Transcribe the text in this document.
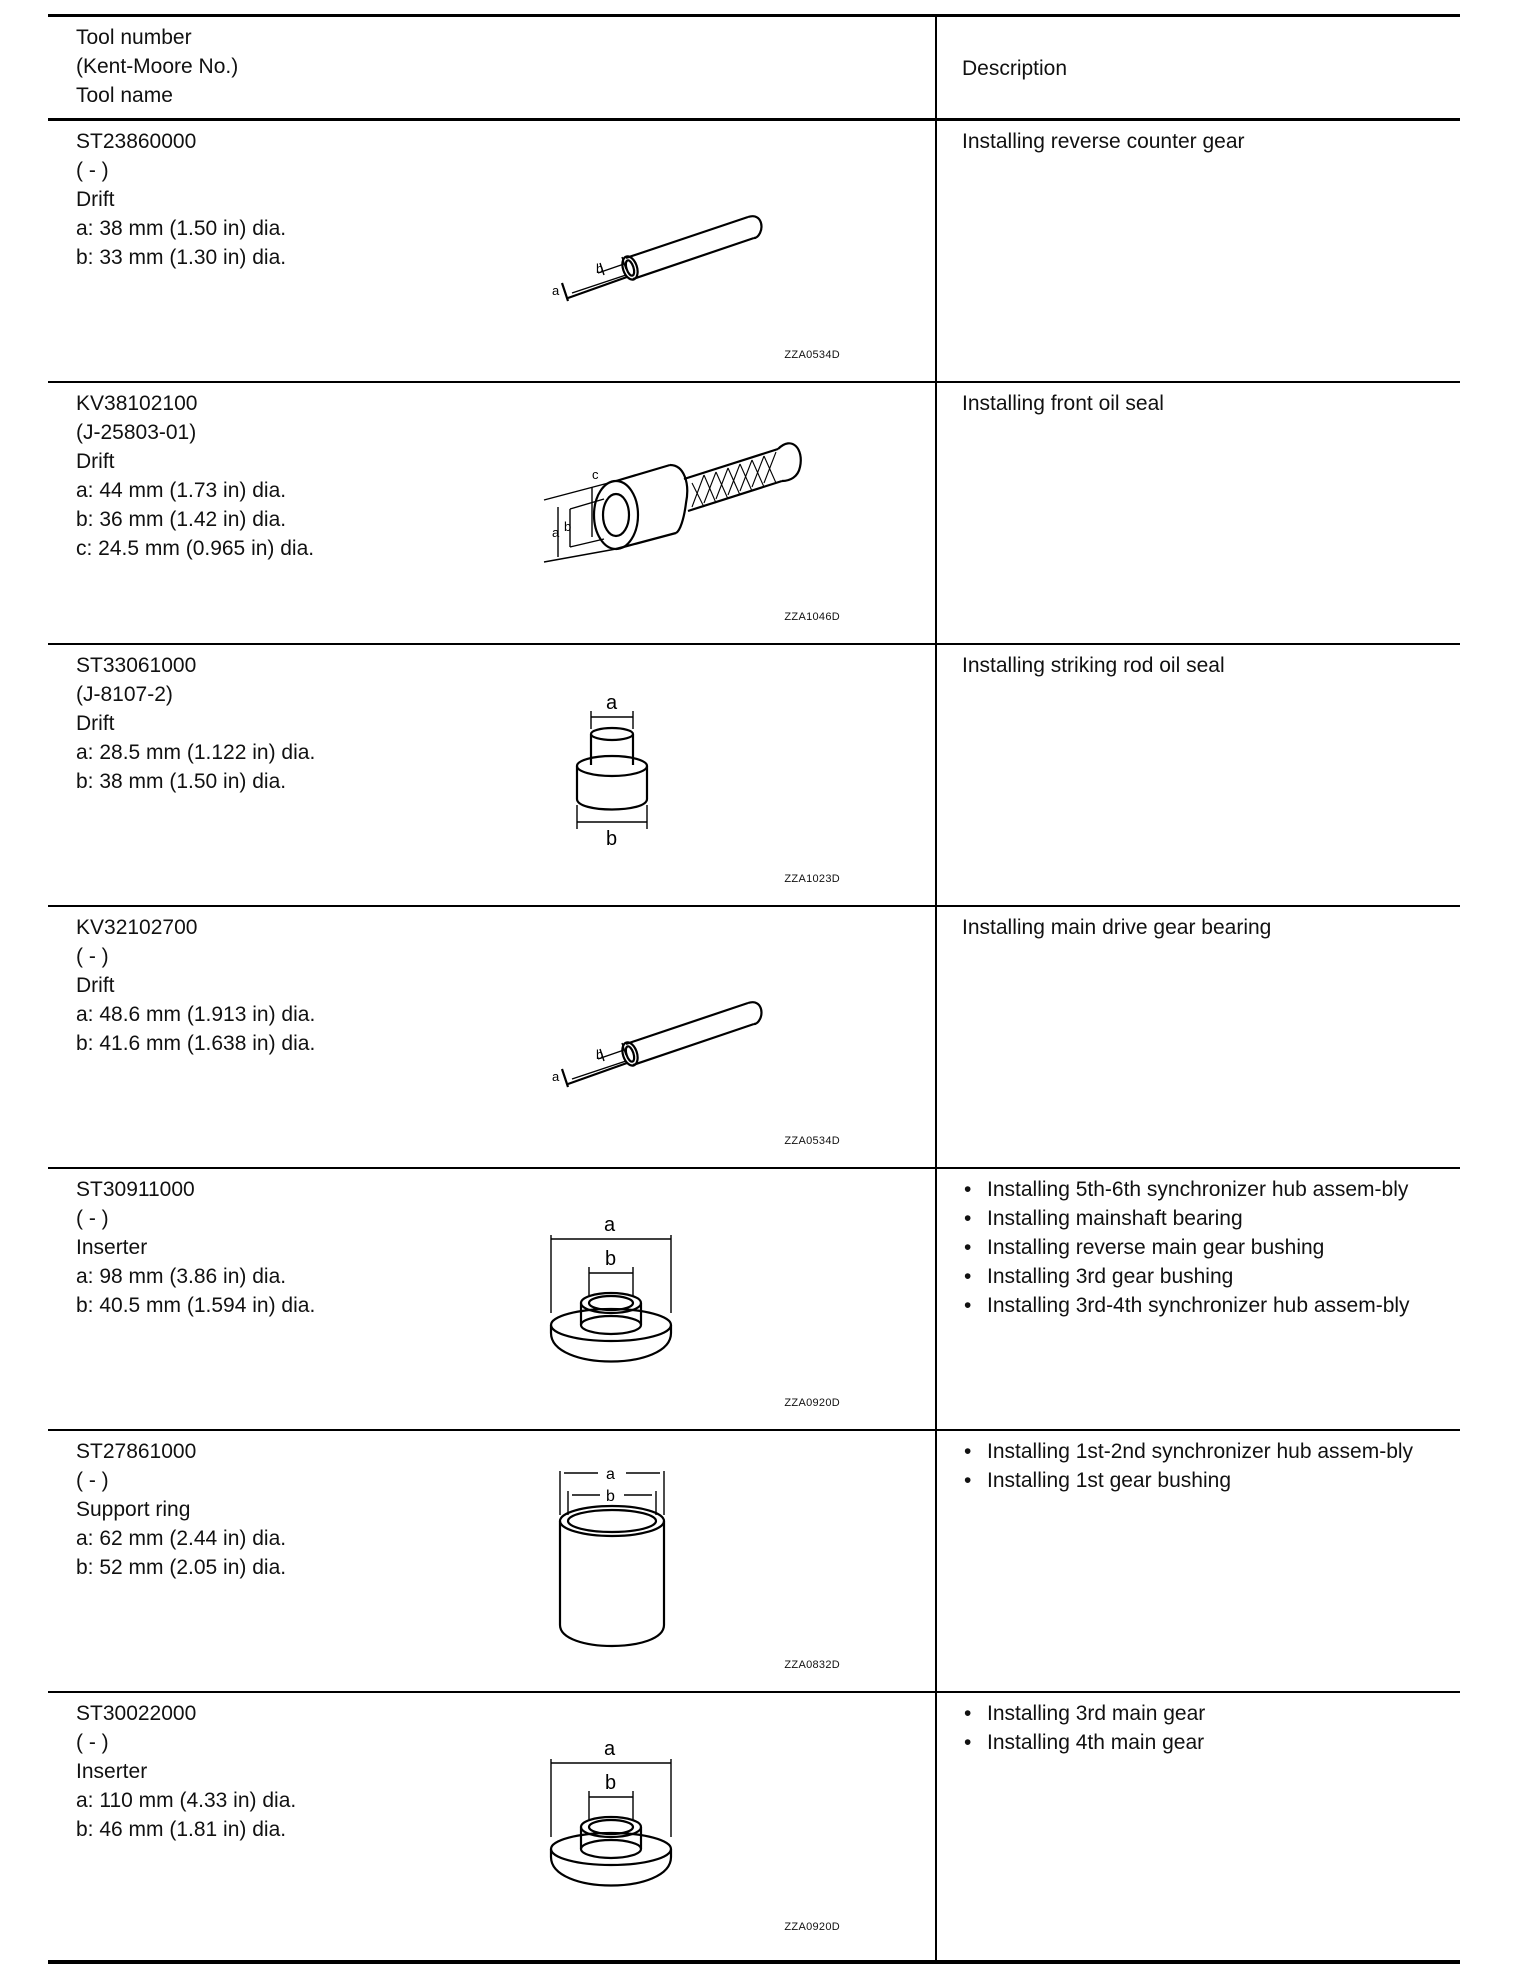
Tool number
(Kent-Moore No.)
Tool name
Description
ST23860000
( - )
Drift
a: 38 mm (1.50 in) dia.
b: 33 mm (1.30 in) dia.	b
a
ZZA0534D
Installing reverse counter gear
KV38102100
(J-25803-01)
Drift
a: 44 mm (1.73 in) dia.
b: 36 mm (1.42 in) dia.
c: 24.5 mm (0.965 in) dia.
a b
c
ZZA1046D
Installing front oil seal
ST33061000
(J-8107-2)
Drift
a: 28.5 mm (1.122 in) dia.
b: 38 mm (1.50 in) dia.
a
b
ZZA1023D
Installing striking rod oil seal
KV32102700
( - )
Drift
a: 48.6 mm (1.913 in) dia.
b: 41.6 mm (1.638 in) dia.	b
a
ZZA0534D
Installing main drive gear bearing
ST30911000
( - )
Inserter
a: 98 mm (3.86 in) dia.
b: 40.5 mm (1.594 in) dia.
a
b
ZZA0920D
• Installing 5th-6th synchronizer hub assem-bly
• Installing mainshaft bearing
• Installing reverse main gear bushing
• Installing 3rd gear bushing
• Installing 3rd-4th synchronizer hub assem-bly
ST27861000
( - )
Support ring
a: 62 mm (2.44 in) dia.
b: 52 mm (2.05 in) dia.
a
b
ZZA0832D
• Installing 1st-2nd synchronizer hub assem-bly
• Installing 1st gear bushing
ST30022000
( - )
Inserter
a: 110 mm (4.33 in) dia.
b: 46 mm (1.81 in) dia.
a
b
ZZA0920D
• Installing 3rd main gear
• Installing 4th main gear
